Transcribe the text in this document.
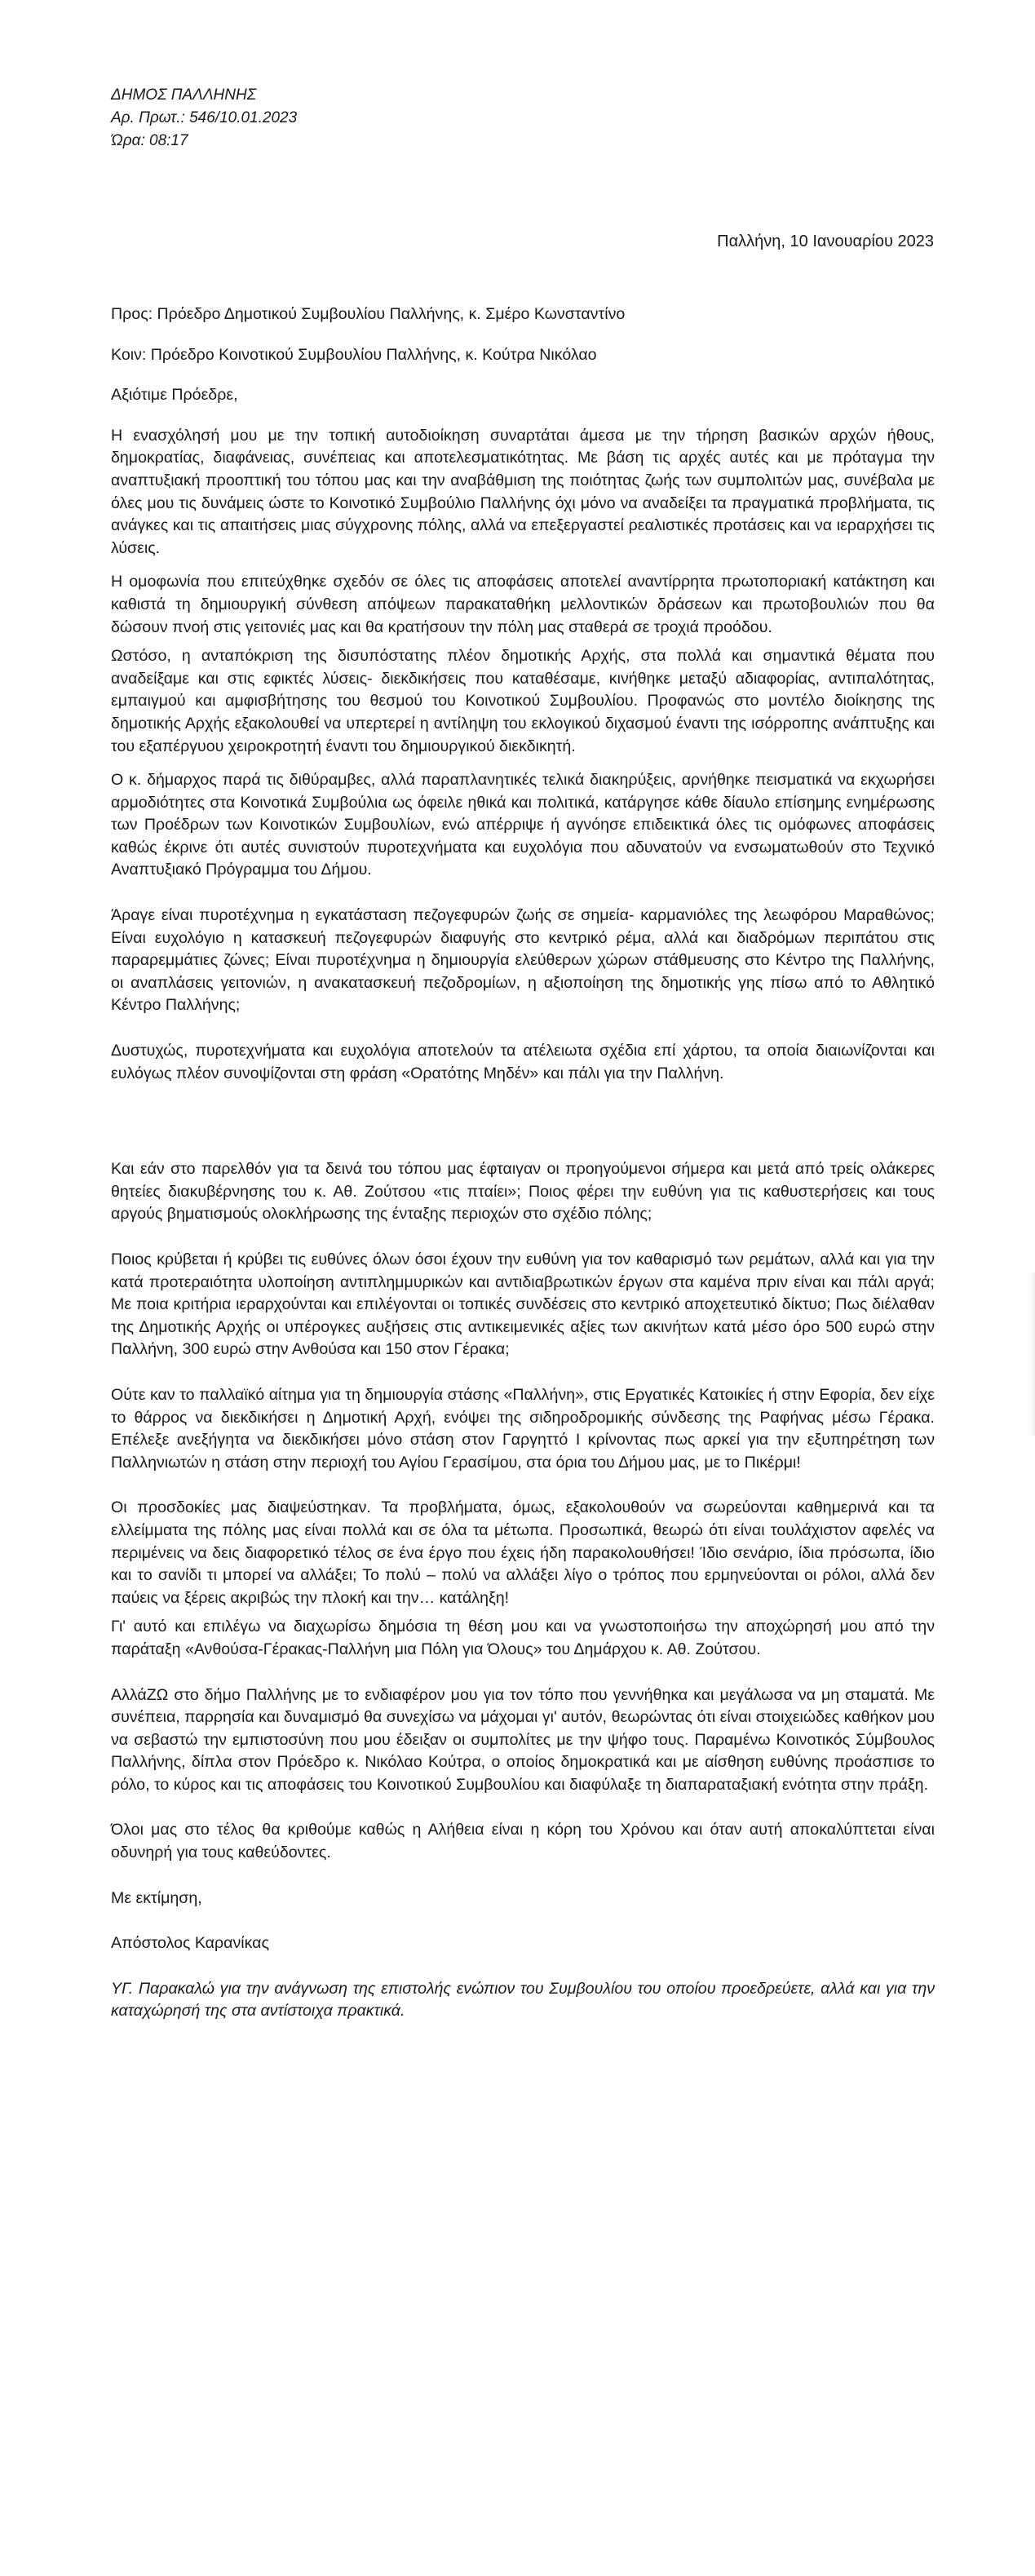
ΔΗΜΟΣ ΠΑΛΛΗΝΗΣ
Αρ. Πρωτ.: 546/10.01.2023
Ώρα: 08:17
Παλλήνη, 10 Ιανουαρίου 2023

Προς: Πρόεδρο Δημοτικού Συμβουλίου Παλλήνης, κ. Σμέρο Κωνσταντίνο

Κοιν: Πρόεδρο Κοινοτικού Συμβουλίου Παλλήνης, κ. Κούτρα Νικόλαο

Αξιότιμε Πρόεδρε,

Η ενασχόλησή μου με την τοπική αυτοδιοίκηση συναρτάται άμεσα με την τήρηση βασικών αρχών ήθους, δημοκρατίας, διαφάνειας, συνέπειας και αποτελεσματικότητας. Με βάση τις αρχές αυτές και με πρόταγμα την αναπτυξιακή προοπτική του τόπου μας και την αναβάθμιση της ποιότητας ζωής των συμπολιτών μας, συνέβαλα με όλες μου τις δυνάμεις ώστε το Κοινοτικό Συμβούλιο Παλλήνης όχι μόνο να αναδείξει τα πραγματικά προβλήματα, τις ανάγκες και τις απαιτήσεις μιας σύγχρονης πόλης, αλλά να επεξεργαστεί ρεαλιστικές προτάσεις και να ιεραρχήσει τις λύσεις.

Η ομοφωνία που επιτεύχθηκε σχεδόν σε όλες τις αποφάσεις αποτελεί αναντίρρητα πρωτοποριακή κατάκτηση και καθιστά τη δημιουργική σύνθεση απόψεων παρακαταθήκη μελλοντικών δράσεων και πρωτοβουλιών που θα δώσουν πνοή στις γειτονιές μας και θα κρατήσουν την πόλη μας σταθερά σε τροχιά προόδου.

Ωστόσο, η ανταπόκριση της δισυπόστατης πλέον δημοτικής Αρχής, στα πολλά και σημαντικά θέματα που αναδείξαμε και στις εφικτές λύσεις- διεκδικήσεις που καταθέσαμε, κινήθηκε μεταξύ αδιαφορίας, αντιπαλότητας, εμπαιγμού και αμφισβήτησης του θεσμού του Κοινοτικού Συμβουλίου. Προφανώς στο μοντέλο διοίκησης της δημοτικής Αρχής εξακολουθεί να υπερτερεί η αντίληψη του εκλογικού διχασμού έναντι της ισόρροπης ανάπτυξης και του εξαπέργυου χειροκροτητή έναντι του δημιουργικού διεκδικητή.

Ο κ. δήμαρχος παρά τις διθύραμβες, αλλά παραπλανητικές τελικά διακηρύξεις, αρνήθηκε πεισματικά να εκχωρήσει αρμοδιότητες στα Κοινοτικά Συμβούλια ως όφειλε ηθικά και πολιτικά, κατάργησε κάθε δίαυλο επίσημης ενημέρωσης των Προέδρων των Κοινοτικών Συμβουλίων, ενώ απέρριψε ή αγνόησε επιδεικτικά όλες τις ομόφωνες αποφάσεις καθώς έκρινε ότι αυτές συνιστούν πυροτεχνήματα και ευχολόγια που αδυνατούν να ενσωματωθούν στο Τεχνικό Αναπτυξιακό Πρόγραμμα του Δήμου.

Άραγε είναι πυροτέχνημα η εγκατάσταση πεζογεφυρών ζωής σε σημεία- καρμανιόλες της λεωφόρου Μαραθώνος; Είναι ευχολόγιο η κατασκευή πεζογεφυρών διαφυγής στο κεντρικό ρέμα, αλλά και διαδρόμων περιπάτου στις παραρεμμάτιες ζώνες; Είναι πυροτέχνημα η δημιουργία ελεύθερων χώρων στάθμευσης στο Κέντρο της Παλλήνης, οι αναπλάσεις γειτονιών, η ανακατασκευή πεζοδρομίων, η αξιοποίηση της δημοτικής γης πίσω από το Αθλητικό Κέντρο Παλλήνης;

Δυστυχώς, πυροτεχνήματα και ευχολόγια αποτελούν τα ατέλειωτα σχέδια επί χάρτου, τα οποία διαιωνίζονται και ευλόγως πλέον συνοψίζονται στη φράση «Ορατότης Μηδέν» και πάλι για την Παλλήνη.

Και εάν στο παρελθόν για τα δεινά του τόπου μας έφταιγαν οι προηγούμενοι σήμερα και μετά από τρείς ολάκερες θητείες διακυβέρνησης του κ. Αθ. Ζούτσου «τις πταίει»; Ποιος φέρει την ευθύνη για τις καθυστερήσεις και τους αργούς βηματισμούς ολοκλήρωσης της ένταξης περιοχών στο σχέδιο πόλης;

Ποιος κρύβεται ή κρύβει τις ευθύνες όλων όσοι έχουν την ευθύνη για τον καθαρισμό των ρεμάτων, αλλά και για την κατά προτεραιότητα υλοποίηση αντιπλημμυρικών και αντιδιαβρωτικών έργων στα καμένα πριν είναι και πάλι αργά; Με ποια κριτήρια ιεραρχούνται και επιλέγονται οι τοπικές συνδέσεις στο κεντρικό αποχετευτικό δίκτυο; Πως διέλαθαν της Δημοτικής Αρχής οι υπέρογκες αυξήσεις στις αντικειμενικές αξίες των ακινήτων κατά μέσο όρο 500 ευρώ στην Παλλήνη, 300 ευρώ στην Ανθούσα και 150 στον Γέρακα;

Ούτε καν το παλλαϊκό αίτημα για τη δημιουργία στάσης «Παλλήνη», στις Εργατικές Κατοικίες ή στην Εφορία, δεν είχε το θάρρος να διεκδικήσει η Δημοτική Αρχή, ενόψει της σιδηροδρομικής σύνδεσης της Ραφήνας μέσω Γέρακα. Επέλεξε ανεξήγητα να διεκδικήσει μόνο στάση στον Γαργηττό Ι κρίνοντας πως αρκεί για την εξυπηρέτηση των Παλληνιωτών η στάση στην περιοχή του Αγίου Γερασίμου, στα όρια του Δήμου μας, με το Πικέρμι!

Οι προσδοκίες μας διαψεύστηκαν. Τα προβλήματα, όμως, εξακολουθούν να σωρεύονται καθημερινά και τα ελλείμματα της πόλης μας είναι πολλά και σε όλα τα μέτωπα. Προσωπικά, θεωρώ ότι είναι τουλάχιστον αφελές να περιμένεις να δεις διαφορετικό τέλος σε ένα έργο που έχεις ήδη παρακολουθήσει! Ίδιο σενάριο, ίδια πρόσωπα, ίδιο και το σανίδι τι μπορεί να αλλάξει; Το πολύ – πολύ να αλλάξει λίγο ο τρόπος που ερμηνεύονται οι ρόλοι, αλλά δεν παύεις να ξέρεις ακριβώς την πλοκή και την… κατάληξη!

Γι' αυτό και επιλέγω να διαχωρίσω δημόσια τη θέση μου και να γνωστοποιήσω την αποχώρησή μου από την παράταξη «Ανθούσα-Γέρακας-Παλλήνη μια Πόλη για Όλους» του Δημάρχου κ. Αθ. Ζούτσου.

ΑλλάΖΩ στο δήμο Παλλήνης με το ενδιαφέρον μου για τον τόπο που γεννήθηκα και μεγάλωσα να μη σταματά. Με συνέπεια, παρρησία και δυναμισμό θα συνεχίσω να μάχομαι γι' αυτόν, θεωρώντας ότι είναι στοιχειώδες καθήκον μου να σεβαστώ την εμπιστοσύνη που μου έδειξαν οι συμπολίτες με την ψήφο τους. Παραμένω Κοινοτικός Σύμβουλος Παλλήνης, δίπλα στον Πρόεδρο κ. Νικόλαο Κούτρα, ο οποίος δημοκρατικά και με αίσθηση ευθύνης προάσπισε το ρόλο, το κύρος και τις αποφάσεις του Κοινοτικού Συμβουλίου και διαφύλαξε τη διαπαραταξιακή ενότητα στην πράξη.

Όλοι μας στο τέλος θα κριθούμε καθώς η Αλήθεια είναι η κόρη του Χρόνου και όταν αυτή αποκαλύπτεται είναι οδυνηρή για τους καθεύδοντες.

Με εκτίμηση,

Απόστολος Καρανίκας

ΥΓ. Παρακαλώ για την ανάγνωση της επιστολής ενώπιον του Συμβουλίου του οποίου προεδρεύετε, αλλά και για την καταχώρησή της στα αντίστοιχα πρακτικά.
